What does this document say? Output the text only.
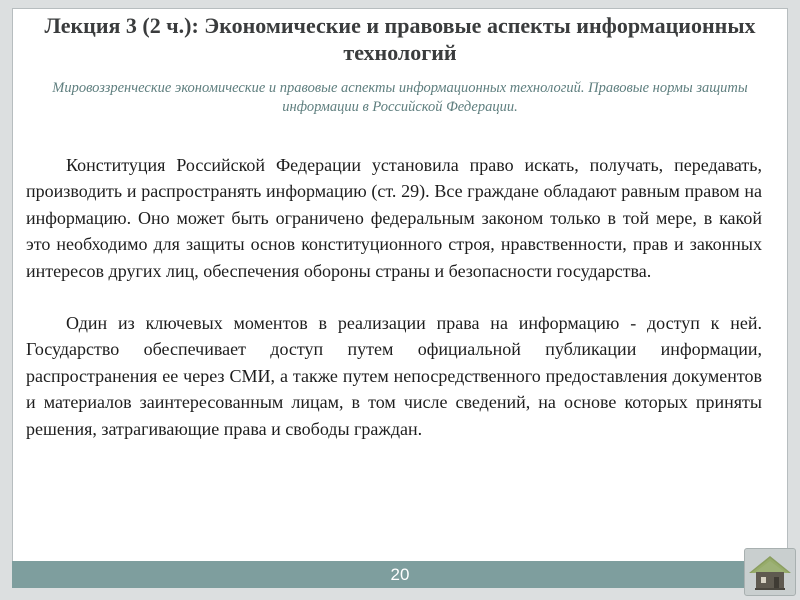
Лекция 3 (2 ч.): Экономические и правовые аспекты информационных технологий

Мировоззренческие экономические и правовые аспекты информационных технологий. Правовые нормы защиты информации в Российской Федерации.

Конституция Российской Федерации установила право искать, получать, передавать, производить и распространять информацию (ст. 29). Все граждане обладают равным правом на информацию. Оно может быть ограничено федеральным законом только в той мере, в какой это необходимо для защиты основ конституционного строя, нравственности, прав и законных интересов других лиц, обеспечения обороны страны и безопасности государства.

Один из ключевых моментов в реализации права на информацию - доступ к ней. Государство обеспечивает доступ путем официальной публикации информации, распространения ее через СМИ, а также путем непосредственного предоставления документов и материалов заинтересованным лицам, в том числе сведений, на основе которых приняты решения, затрагивающие права и свободы граждан.

20
